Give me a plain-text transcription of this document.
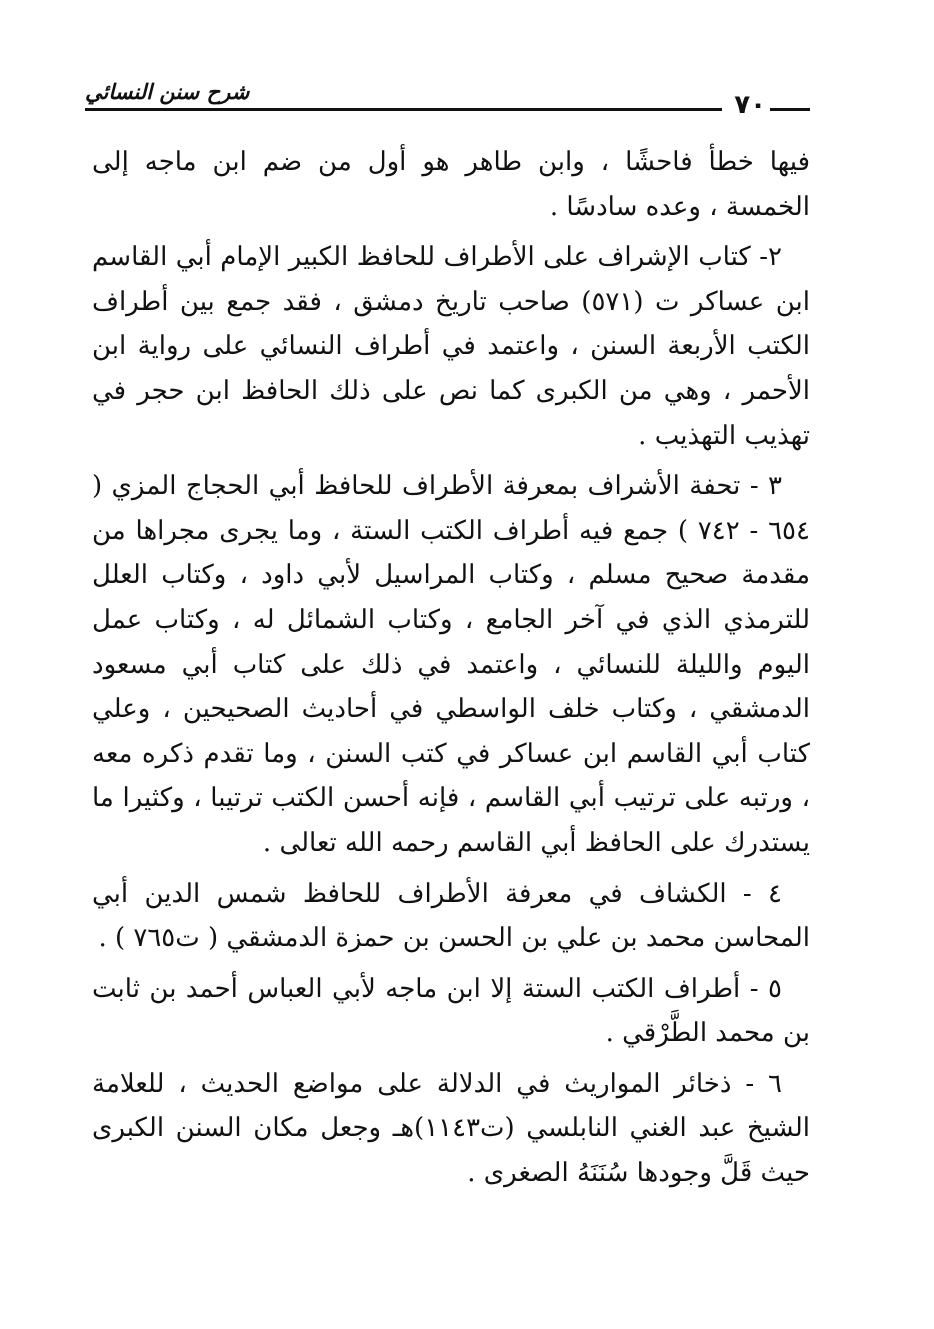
شرح سنن النسائي	٧٠

فيها خطأ فاحشًا ، وابن طاهر هو أول من ضم ابن ماجه إلى الخمسة ، وعده سادسًا .

٢- كتاب الإشراف على الأطراف للحافظ الكبير الإمام أبي القاسم ابن عساكر ت (٥٧١) صاحب تاريخ دمشق ، فقد جمع بين أطراف الكتب الأربعة السنن ، واعتمد في أطراف النسائي على رواية ابن الأحمر ، وهي من الكبرى كما نص على ذلك الحافظ ابن حجر في تهذيب التهذيب .

٣ - تحفة الأشراف بمعرفة الأطراف للحافظ أبي الحجاج المزي ( ٦٥٤ - ٧٤٢ ) جمع فيه أطراف الكتب الستة ، وما يجرى مجراها من مقدمة صحيح مسلم ، وكتاب المراسيل لأبي داود ، وكتاب العلل للترمذي الذي في آخر الجامع ، وكتاب الشمائل له ، وكتاب عمل اليوم والليلة للنسائي ، واعتمد في ذلك على كتاب أبي مسعود الدمشقي ، وكتاب خلف الواسطي في أحاديث الصحيحين ، وعلي كتاب أبي القاسم ابن عساكر في كتب السنن ، وما تقدم ذكره معه ، ورتبه على ترتيب أبي القاسم ، فإنه أحسن الكتب ترتيبا ، وكثيرا ما يستدرك على الحافظ أبي القاسم رحمه الله تعالى .

٤ - الكشاف في معرفة الأطراف للحافظ شمس الدين أبي المحاسن محمد بن علي بن الحسن بن حمزة الدمشقي ( ت٧٦٥ ) .

٥ - أطراف الكتب الستة إلا ابن ماجه لأبي العباس أحمد بن ثابت بن محمد الطَّرْقي .

٦ - ذخائر المواريث في الدلالة على مواضع الحديث ، للعلامة الشيخ عبد الغني النابلسي (ت١١٤٣)هـ وجعل مكان السنن الكبرى حيث قَلَّ وجودها سُنَنَهُ الصغرى .
